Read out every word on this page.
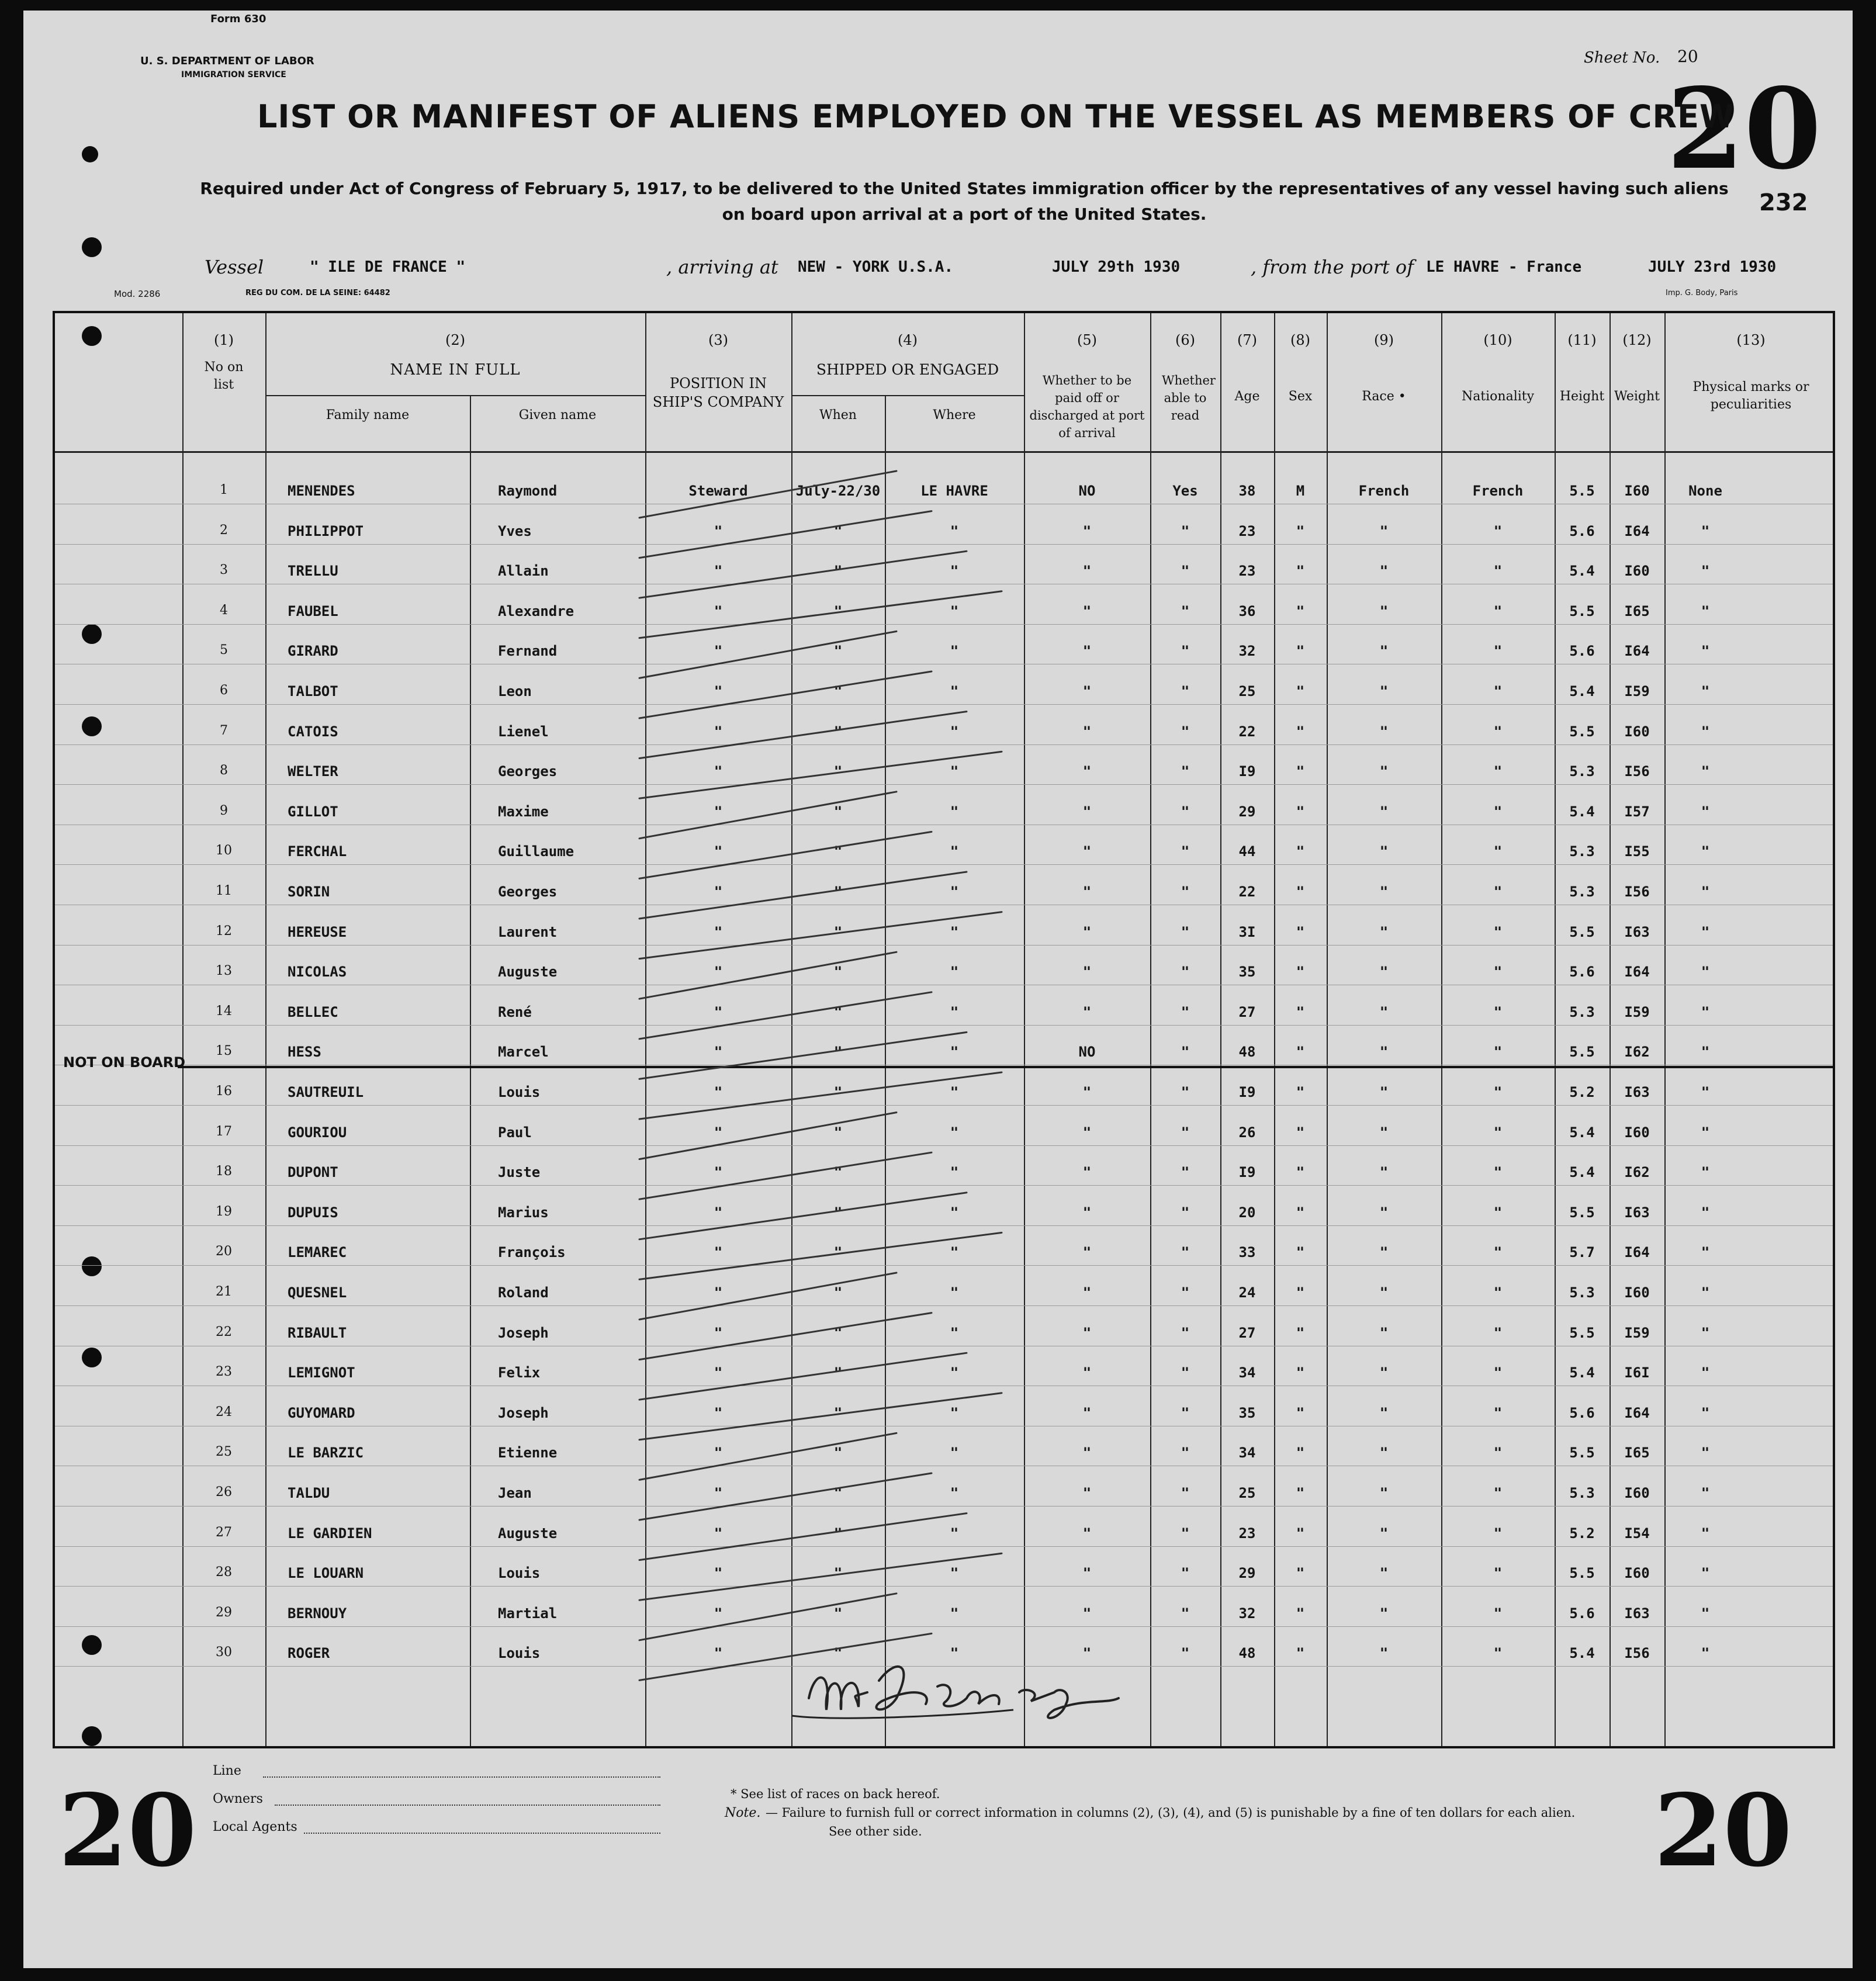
Form 630
U. S. DEPARTMENT OF LABOR
IMMIGRATION SERVICE
Sheet No. 20
20
232
LIST OR MANIFEST OF ALIENS EMPLOYED ON THE VESSEL AS MEMBERS OF CREW
Required under Act of Congress of February 5, 1917, to be delivered to the United States immigration officer by the representatives of any vessel having such aliens
on board upon arrival at a port of the United States.
Vessel	" ILE DE FRANCE "	, arriving at NEW - YORK U.S.A.	JULY 29th 1930	, from the port of LE HAVRE - France	JULY 23rd 1930
Mod. 2286	REG DU COM. DE LA SEINE: 64482	Imp. G. Body, Paris
(1)	(2)	(3)	(4)	(5)	(6)	(7)	(8)	(9)	(10)	(11)	(12)	(13)
No on list
NAME IN FULL
Family name	Given name
POSITION IN SHIP'S COMPANY
SHIPPED OR ENGAGED
When	Where
Whether to be paid off or discharged at port of arrival
Whether able to read
Age	Sex	Race •	Nationality	Height Weight
Physical marks or peculiarities
1	MENENDES	Raymond	Steward	July-22/30	LE HAVRE	NO	Yes	38	M	French	French	5.5	I60	None
2	PHILIPPOT	Yves	"	"	"	"	"	23	"	"	"	5.6	I64	"
3	TRELLU	Allain	"	"	"	"	"	23	"	"	"	5.4	I60	"
4	FAUBEL	Alexandre	"	"	"	"	"	36	"	"	"	5.5	I65	"
5	GIRARD	Fernand	"	"	"	"	"	32	"	"	"	5.6	I64	"
6	TALBOT	Leon	"	"	"	"	"	25	"	"	"	5.4	I59	"
7	CATOIS	Lienel	"	"	"	"	"	22	"	"	"	5.5	I60	"
8	WELTER	Georges	"	"	"	"	"	I9	"	"	"	5.3	I56	"
9	GILLOT	Maxime	"	"	"	"	"	29	"	"	"	5.4	I57	"
10	FERCHAL	Guillaume	"	"	"	"	"	44	"	"	"	5.3	I55	"
11	SORIN	Georges	"	"	"	"	"	22	"	"	"	5.3	I56	"
12	HEREUSE	Laurent	"	"	"	"	"	3I	"	"	"	5.5	I63	"
13	NICOLAS	Auguste	"	"	"	"	"	35	"	"	"	5.6	I64	"
14	BELLEC	René	"	"	"	"	"	27	"	"	"	5.3	I59	"
15	HESS	Marcel	"	"	"	NO	"	48	"	"	"	5.5	I62	"
16	SAUTREUIL	Louis	"	"	"	"	"	I9	"	"	"	5.2	I63	"
17	GOURIOU	Paul	"	"	"	"	"	26	"	"	"	5.4	I60	"
18	DUPONT	Juste	"	"	"	"	"	I9	"	"	"	5.4	I62	"
19	DUPUIS	Marius	"	"	"	"	"	20	"	"	"	5.5	I63	"
20	LEMAREC	François	"	"	"	"	"	33	"	"	"	5.7	I64	"
21	QUESNEL	Roland	"	"	"	"	"	24	"	"	"	5.3	I60	"
22	RIBAULT	Joseph	"	"	"	"	"	27	"	"	"	5.5	I59	"
23	LEMIGNOT	Felix	"	"	"	"	"	34	"	"	"	5.4	I6I	"
24	GUYOMARD	Joseph	"	"	"	"	"	35	"	"	"	5.6	I64	"
25	LE BARZIC	Etienne	"	"	"	"	"	34	"	"	"	5.5	I65	"
26	TALDU	Jean	"	"	"	"	"	25	"	"	"	5.3	I60	"
27	LE GARDIEN	Auguste	"	"	"	"	"	23	"	"	"	5.2	I54	"
28	LE LOUARN	Louis	"	"	"	"	"	29	"	"	"	5.5	I60	"
29	BERNOUY	Martial	"	"	"	"	"	32	"	"	"	5.6	I63	"
30	ROGER	Louis	"	"	"	"	"	48	"	"	"	5.4	I56	"
NOT ON BOARD
20	20
Line
Owners
Local Agents
* See list of races on back hereof.
Note. — Failure to furnish full or correct information in columns (2), (3), (4), and (5) is punishable by a fine of ten dollars for each alien.
See other side.
